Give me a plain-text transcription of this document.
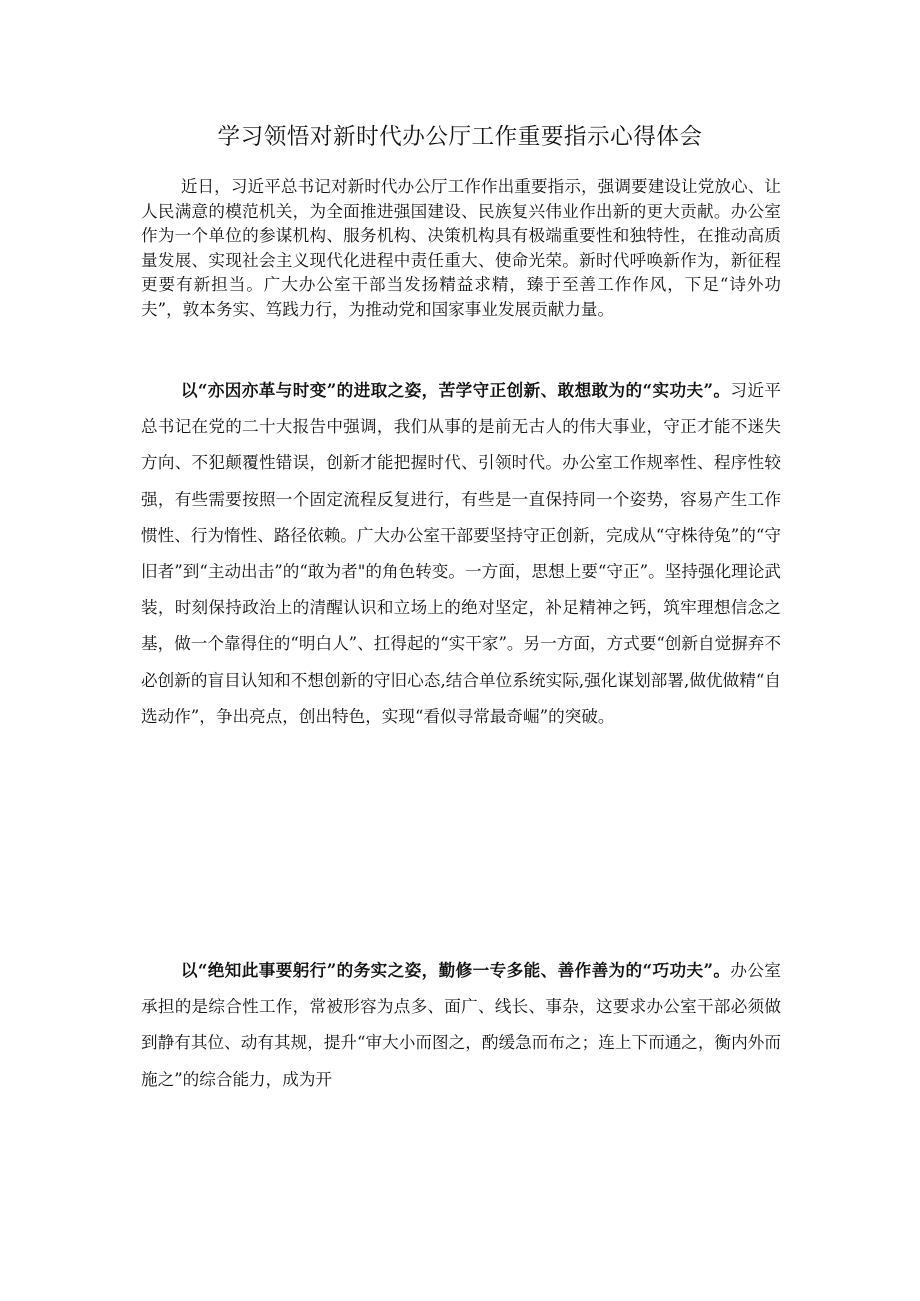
学习领悟对新时代办公厅工作重要指示心得体会

近日，习近平总书记对新时代办公厅工作作出重要指示，强调要建设让党放心、让人民满意的模范机关，为全面推进强国建设、民族复兴伟业作出新的更大贡献。办公室作为一个单位的参谋机构、服务机构、决策机构具有极端重要性和独特性，在推动高质量发展、实现社会主义现代化进程中责任重大、使命光荣。新时代呼唤新作为，新征程更要有新担当。广大办公室干部当发扬精益求精，臻于至善工作作风，下足“诗外功夫”，敦本务实、笃践力行，为推动党和国家事业发展贡献力量。

以“亦因亦革与时变”的进取之姿，苦学守正创新、敢想敢为的“实功夫”。习近平总书记在党的二十大报告中强调，我们从事的是前无古人的伟大事业，守正才能不迷失方向、不犯颠覆性错误，创新才能把握时代、引领时代。办公室工作规率性、程序性较强，有些需要按照一个固定流程反复进行，有些是一直保持同一个姿势，容易产生工作惯性、行为惰性、路径依赖。广大办公室干部要坚持守正创新，完成从“守株待兔”的“守旧者”到“主动出击”的“敢为者"的角色转变。一方面，思想上要“守正”。坚持强化理论武装，时刻保持政治上的清醒认识和立场上的绝对坚定，补足精神之钙，筑牢理想信念之基，做一个靠得住的“明白人”、扛得起的“实干家”。另一方面，方式要“创新自觉摒弃不必创新的盲目认知和不想创新的守旧心态,结合单位系统实际,强化谋划部署,做优做精“自选动作”，争出亮点，创出特色，实现“看似寻常最奇崛”的突破。

以“绝知此事要躬行”的务实之姿，勤修一专多能、善作善为的“巧功夫”。办公室承担的是综合性工作，常被形容为点多、面广、线长、事杂，这要求办公室干部必须做到静有其位、动有其规，提升“审大小而图之，酌缓急而布之；连上下而通之，衡内外而施之”的综合能力，成为开
